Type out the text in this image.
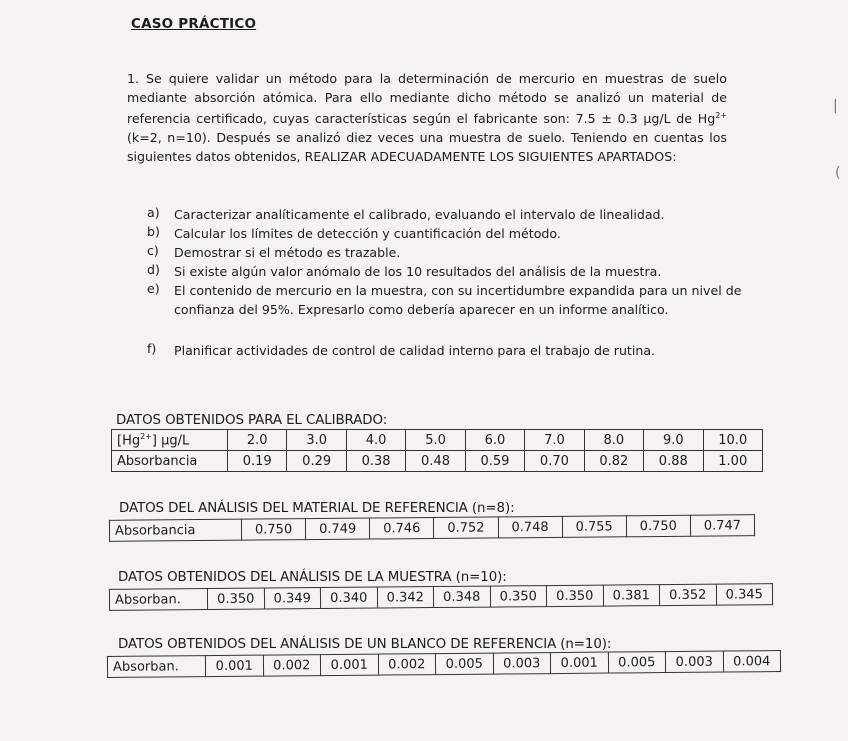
CASO PRÁCTICO
1. Se quiere validar un método para la determinación de mercurio en muestras de suelo mediante absorción atómica. Para ello mediante dicho método se analizó un material de referencia certificado, cuyas características según el fabricante son: 7.5 ± 0.3 μg/L de $Hg^{2+}$ (k=2, n=10). Después se analizó diez veces una muestra de suelo. Teniendo en cuentas los siguientes datos obtenidos, REALIZAR ADECUADAMENTE LOS SIGUIENTES APARTADOS:
a) Caracterizar analíticamente el calibrado, evaluando el intervalo de linealidad.
b) Calcular los límites de detección y cuantificación del método.
c) Demostrar si el método es trazable.
d) Si existe algún valor anómalo de los 10 resultados del análisis de la muestra.
e) El contenido de mercurio en la muestra, con su incertidumbre expandida para un nivel de confianza del 95%. Expresarlo como debería aparecer en un informe analítico.
f) Planificar actividades de control de calidad interno para el trabajo de rutina.
DATOS OBTENIDOS PARA EL CALIBRADO:
$[Hg^{2+}]$ μg/L	2.0	3.0	4.0	5.0	6.0	7.0	8.0	9.0	10.0
Absorbancia	0.19	0.29	0.38	0.48	0.59	0.70	0.82	0.88	1.00
DATOS DEL ANÁLISIS DEL MATERIAL DE REFERENCIA (n=8):
Absorbancia	0.750	0.749	0.746	0.752	0.748	0.755	0.750	0.747
DATOS OBTENIDOS DEL ANÁLISIS DE LA MUESTRA (n=10):
Absorban.	0.350	0.349	0.340	0.342	0.348	0.350	0.350	0.381	0.352	0.345
DATOS OBTENIDOS DEL ANÁLISIS DE UN BLANCO DE REFERENCIA (n=10):
Absorban.	0.001	0.002	0.001	0.002	0.005	0.003	0.001	0.005	0.003	0.004
|
(
